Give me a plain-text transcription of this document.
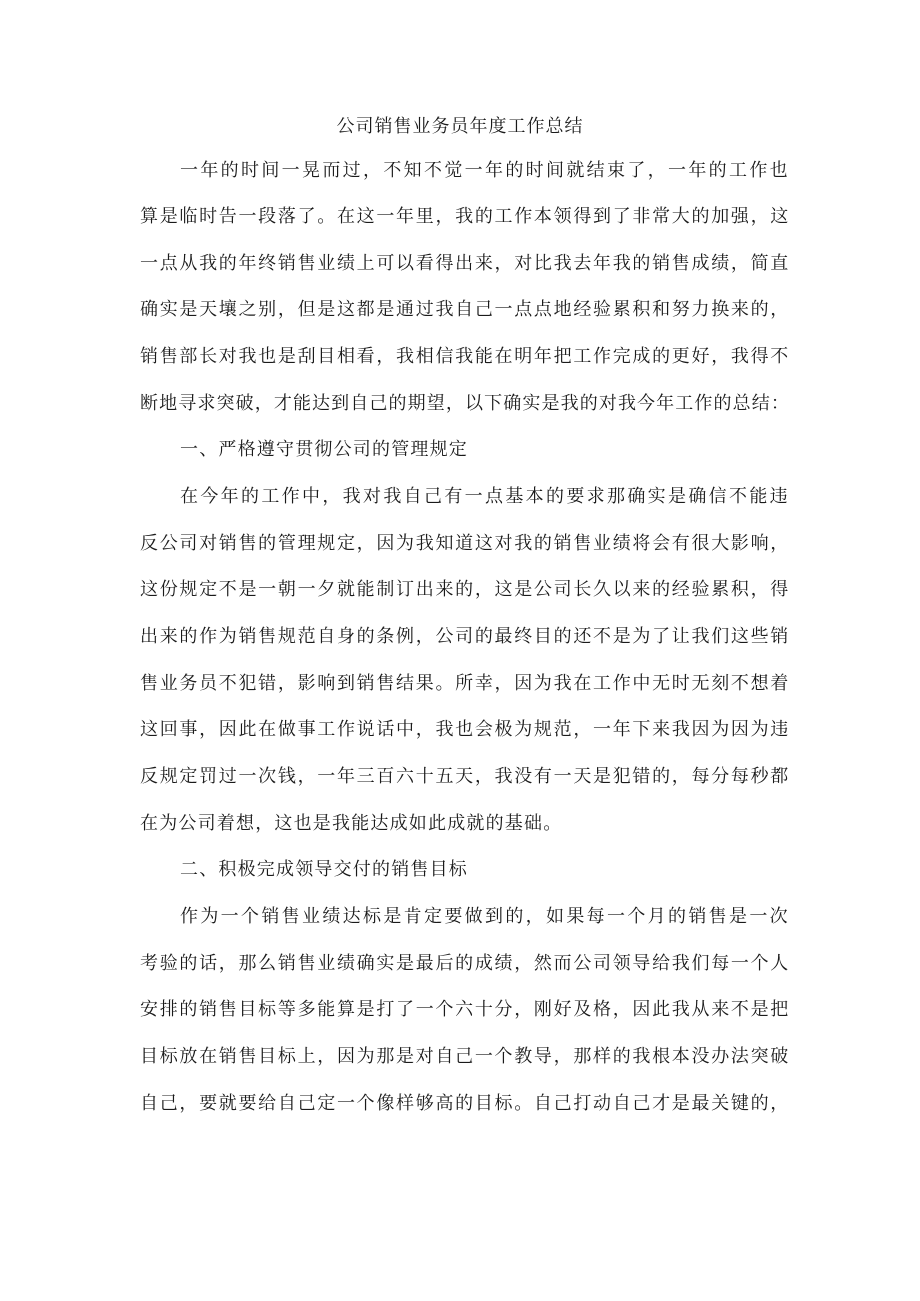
公司销售业务员年度工作总结
一年的时间一晃而过，不知不觉一年的时间就结束了，一年的工作也
算是临时告一段落了。在这一年里，我的工作本领得到了非常大的加强，这
一点从我的年终销售业绩上可以看得出来，对比我去年我的销售成绩，简直
确实是天壤之别，但是这都是通过我自己一点点地经验累积和努力换来的，
销售部长对我也是刮目相看，我相信我能在明年把工作完成的更好，我得不
断地寻求突破，才能达到自己的期望，以下确实是我的对我今年工作的总结：
一、严格遵守贯彻公司的管理规定
在今年的工作中，我对我自己有一点基本的要求那确实是确信不能违
反公司对销售的管理规定，因为我知道这对我的销售业绩将会有很大影响，
这份规定不是一朝一夕就能制订出来的，这是公司长久以来的经验累积，得
出来的作为销售规范自身的条例，公司的最终目的还不是为了让我们这些销
售业务员不犯错，影响到销售结果。所幸，因为我在工作中无时无刻不想着
这回事，因此在做事工作说话中，我也会极为规范，一年下来我因为因为违
反规定罚过一次钱，一年三百六十五天，我没有一天是犯错的，每分每秒都
在为公司着想，这也是我能达成如此成就的基础。
二、积极完成领导交付的销售目标
作为一个销售业绩达标是肯定要做到的，如果每一个月的销售是一次
考验的话，那么销售业绩确实是最后的成绩，然而公司领导给我们每一个人
安排的销售目标等多能算是打了一个六十分，刚好及格，因此我从来不是把
目标放在销售目标上，因为那是对自己一个教导，那样的我根本没办法突破
自己，要就要给自己定一个像样够高的目标。自己打动自己才是最关键的，
